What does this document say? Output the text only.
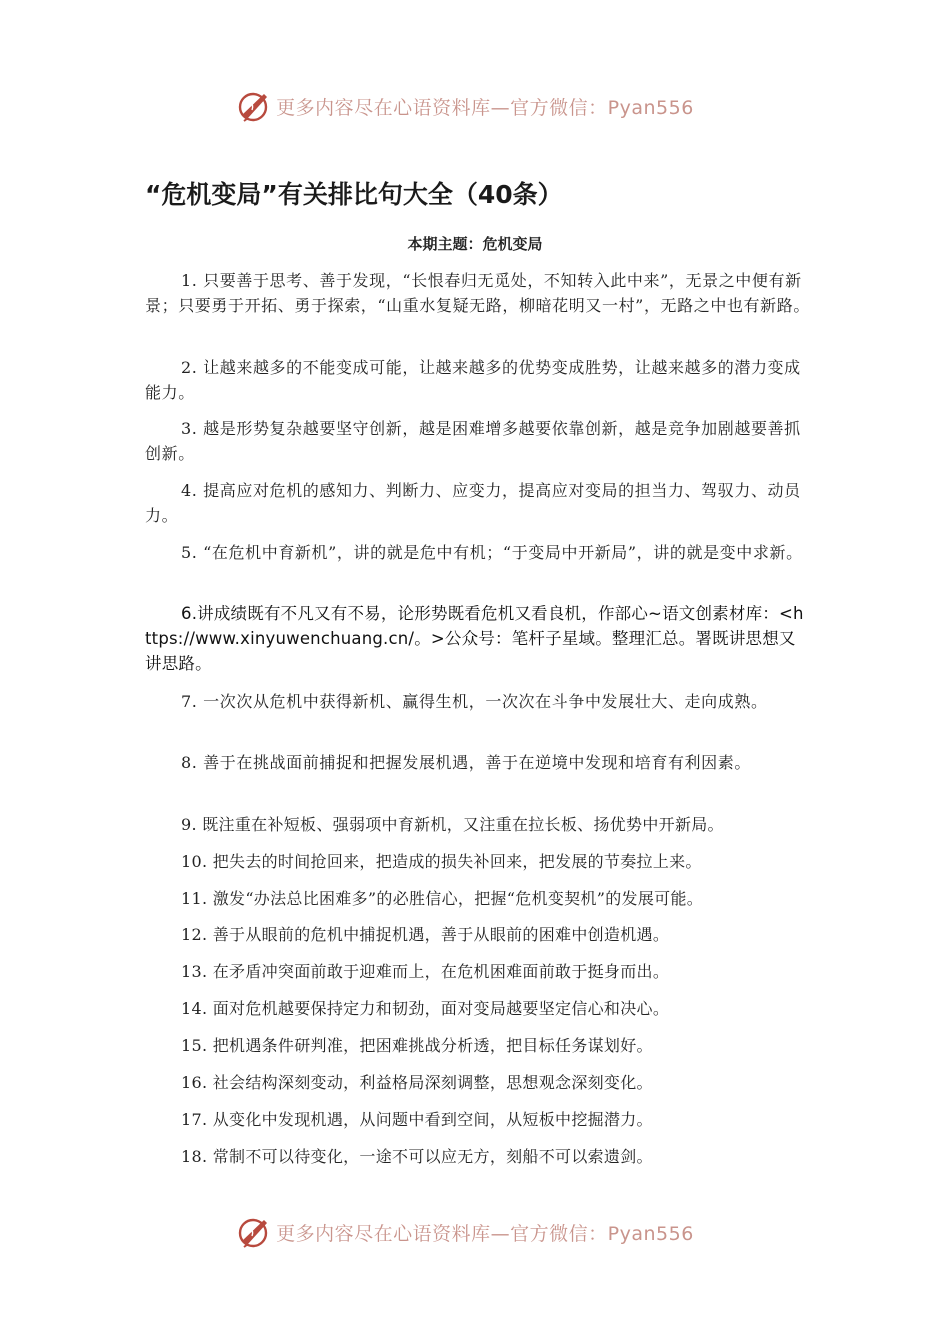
更多内容尽在心语资料库—官方微信：Pyan556
“危机变局”有关排比句大全（40条）
本期主题：危机变局
1. 只要善于思考、善于发现，“长恨春归无觅处，不知转入此中来”，无景之中便有新景；只要勇于开拓、勇于探索，“山重水复疑无路，柳暗花明又一村”，无路之中也有新路。
2. 让越来越多的不能变成可能，让越来越多的优势变成胜势，让越来越多的潜力变成能力。
3. 越是形势复杂越要坚守创新，越是困难增多越要依靠创新，越是竞争加剧越要善抓创新。
4. 提高应对危机的感知力、判断力、应变力，提高应对变局的担当力、驾驭力、动员力。
5. “在危机中育新机”，讲的就是危中有机；“于变局中开新局”，讲的就是变中求新。
6.讲成绩既有不凡又有不易，论形势既看危机又看良机，作部心~语文创素材库：<https://www.xinyuwenchuang.cn/。>公众号：笔杆子星域。整理汇总。署既讲思想又讲思路。
7. 一次次从危机中获得新机、赢得生机，一次次在斗争中发展壮大、走向成熟。
8. 善于在挑战面前捕捉和把握发展机遇，善于在逆境中发现和培育有利因素。
9. 既注重在补短板、强弱项中育新机，又注重在拉长板、扬优势中开新局。
10. 把失去的时间抢回来，把造成的损失补回来，把发展的节奏拉上来。
11. 激发“办法总比困难多”的必胜信心，把握“危机变契机”的发展可能。
12. 善于从眼前的危机中捕捉机遇，善于从眼前的困难中创造机遇。
13. 在矛盾冲突面前敢于迎难而上，在危机困难面前敢于挺身而出。
14. 面对危机越要保持定力和韧劲，面对变局越要坚定信心和决心。
15. 把机遇条件研判准，把困难挑战分析透，把目标任务谋划好。
16. 社会结构深刻变动，利益格局深刻调整，思想观念深刻变化。
17. 从变化中发现机遇，从问题中看到空间，从短板中挖掘潜力。
18. 常制不可以待变化，一途不可以应无方，刻船不可以索遗剑。
更多内容尽在心语资料库—官方微信：Pyan556
